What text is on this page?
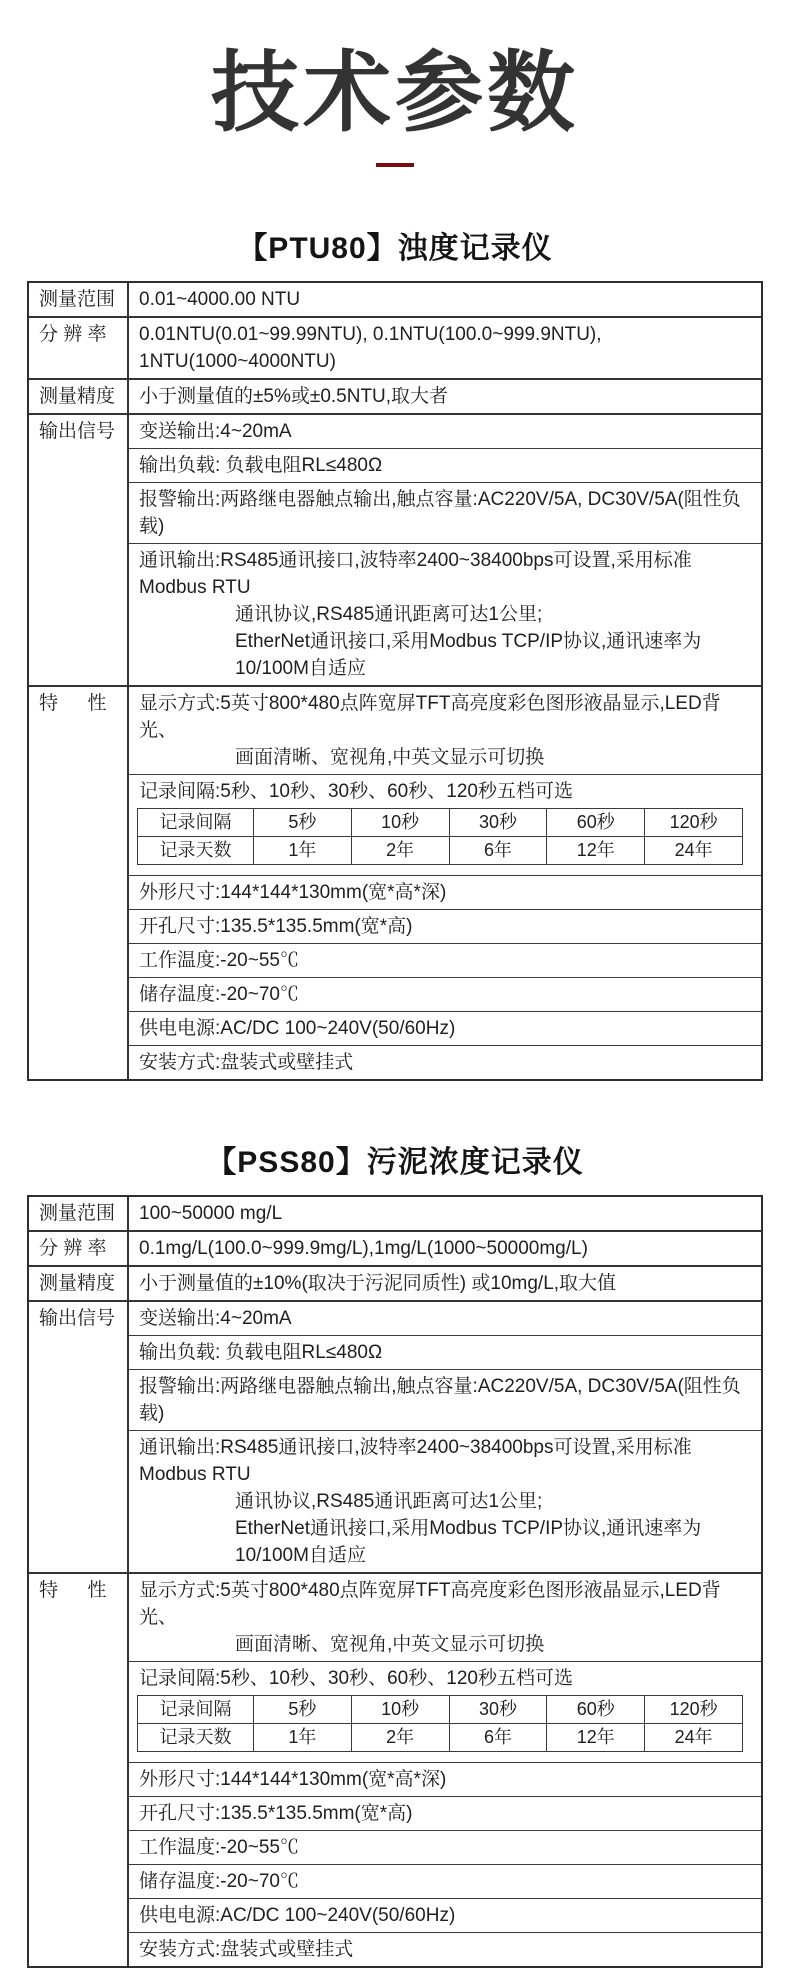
技术参数
【PTU80】浊度记录仪
测量范围	0.01~4000.00 NTU
分 辨 率	0.01NTU(0.01~99.99NTU), 0.1NTU(100.0~999.9NTU), 1NTU(1000~4000NTU)
测量精度	小于测量值的±5%或±0.5NTU,取大者
输出信号	变送输出:4~20mA
输出负载: 负载电阻RL≤480Ω
报警输出:两路继电器触点输出,触点容量:AC220V/5A, DC30V/5A(阻性负载)
通讯输出:RS485通讯接口,波特率2400~38400bps可设置,采用标准Modbus RTU
通讯协议,RS485通讯距离可达1公里;
EtherNet通讯接口,采用Modbus TCP/IP协议,通讯速率为10/100M自适应
特　  性	显示方式:5英寸800*480点阵宽屏TFT高亮度彩色图形液晶显示,LED背光、
画面清晰、宽视角,中英文显示可切换
记录间隔:5秒、10秒、30秒、60秒、120秒五档可选
记录间隔	5秒	10秒	30秒	60秒	120秒
记录天数	1年	2年	6年	12年	24年
外形尺寸:144*144*130mm(宽*高*深)
开孔尺寸:135.5*135.5mm(宽*高)
工作温度:-20~55℃
储存温度:-20~70℃
供电电源:AC/DC 100~240V(50/60Hz)
安装方式:盘装式或壁挂式
【PSS80】污泥浓度记录仪
测量范围	100~50000 mg/L
分 辨 率	0.1mg/L(100.0~999.9mg/L),1mg/L(1000~50000mg/L)
测量精度	小于测量值的±10%(取决于污泥同质性) 或10mg/L,取大值
输出信号	变送输出:4~20mA
输出负载: 负载电阻RL≤480Ω
报警输出:两路继电器触点输出,触点容量:AC220V/5A, DC30V/5A(阻性负载)
通讯输出:RS485通讯接口,波特率2400~38400bps可设置,采用标准Modbus RTU
通讯协议,RS485通讯距离可达1公里;
EtherNet通讯接口,采用Modbus TCP/IP协议,通讯速率为10/100M自适应
特　  性	显示方式:5英寸800*480点阵宽屏TFT高亮度彩色图形液晶显示,LED背光、
画面清晰、宽视角,中英文显示可切换
记录间隔:5秒、10秒、30秒、60秒、120秒五档可选
记录间隔	5秒	10秒	30秒	60秒	120秒
记录天数	1年	2年	6年	12年	24年
外形尺寸:144*144*130mm(宽*高*深)
开孔尺寸:135.5*135.5mm(宽*高)
工作温度:-20~55℃
储存温度:-20~70℃
供电电源:AC/DC 100~240V(50/60Hz)
安装方式:盘装式或壁挂式
